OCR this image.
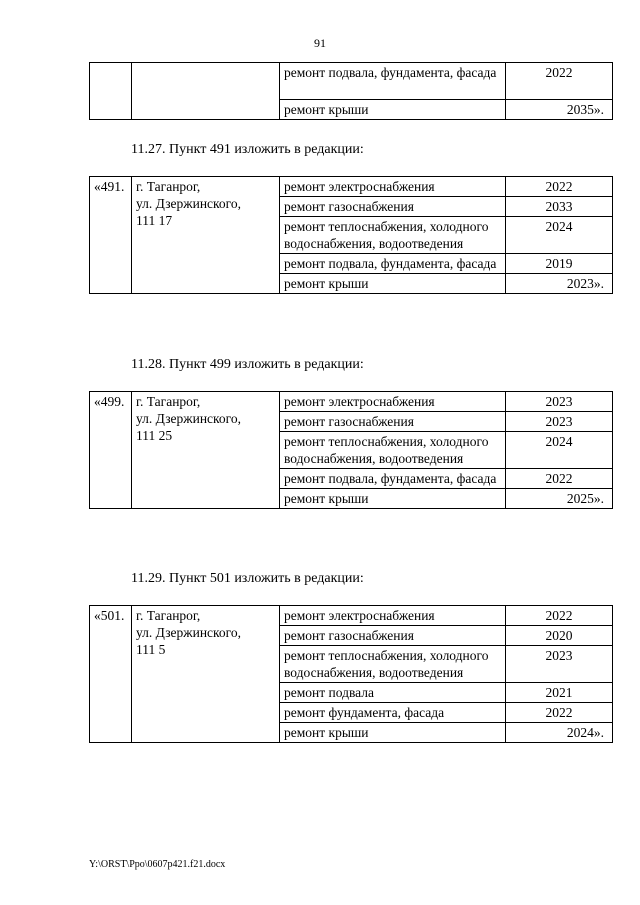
91
		ремонт подвала, фундамента, фасада	2022
		ремонт крыши	2035».
11.27. Пункт 491 изложить в редакции:
«491.	г. Таганрог,
ул. Дзержинского,
111 17	ремонт электроснабжения	2022
		ремонт газоснабжения	2033
		ремонт теплоснабжения, холодного водоснабжения, водоотведения	2024
		ремонт подвала, фундамента, фасада	2019
		ремонт крыши	2023».
11.28. Пункт 499 изложить в редакции:
«499.	г. Таганрог,
ул. Дзержинского,
111 25	ремонт электроснабжения	2023
		ремонт газоснабжения	2023
		ремонт теплоснабжения, холодного водоснабжения, водоотведения	2024
		ремонт подвала, фундамента, фасада	2022
		ремонт крыши	2025».
11.29. Пункт 501 изложить в редакции:
«501.	г. Таганрог,
ул. Дзержинского,
111 5	ремонт электроснабжения	2022
		ремонт газоснабжения	2020
		ремонт теплоснабжения, холодного водоснабжения, водоотведения	2023
		ремонт подвала	2021
		ремонт фундамента, фасада	2022
		ремонт крыши	2024».
Y:\ORST\Ppo\0607p421.f21.docx
